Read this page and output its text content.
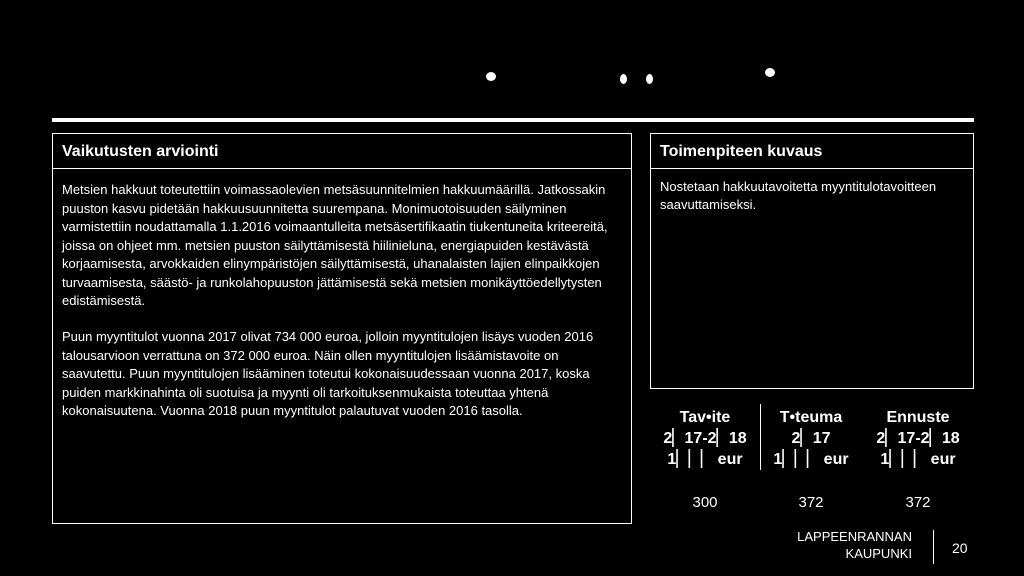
Vaikutusten arviointi
Metsien hakkuut toteutettiin voimassaolevien metsäsuunnitelmien hakkuumäärillä. Jatkossakin puuston kasvu pidetään hakkuusuunnitetta suurempana. Monimuotoisuuden säilyminen varmistettiin noudattamalla 1.1.2016 voimaantulleita metsäsertifikaatin tiukentuneita kriteereitä, joissa on ohjeet mm. metsien puuston säilyttämisestä hiilinieluna, energiapuiden kestävästä korjaamisesta, arvokkaiden elinympäristöjen säilyttämisestä, uhanalaisten lajien elinpaikkojen turvaamisesta, säästö- ja runkolahopuuston jättämisestä sekä metsien monikäyttöedellytysten edistämisestä.
Puun myyntitulot vuonna 2017 olivat 734 000 euroa, jolloin myyntitulojen lisäys vuoden 2016 talousarvioon verrattuna on 372 000 euroa. Näin ollen myyntitulojen lisäämistavoite on saavutettu. Puun myyntitulojen lisääminen toteutui kokonaisuudessaan vuonna 2017, koska puiden markkinahinta oli suotuisa ja myynti oli tarkoituksenmukaista toteuttaa yhtenä kokonaisuutena. Vuonna 2018 puun myyntitulot palautuvat vuoden 2016 tasolla.
Toimenpiteen kuvaus
Nostetaan hakkuutavoitetta myyntitulotavoitteen saavuttamiseksi.
Tav•ite
2▏17-2▏18
1▏▏▏ eur
300
T•teuma
2▏17
1▏▏▏ eur
372
Ennuste
2▏17-2▏18
1▏▏▏ eur
372
LAPPEENRANNAN
KAUPUNKI	20
